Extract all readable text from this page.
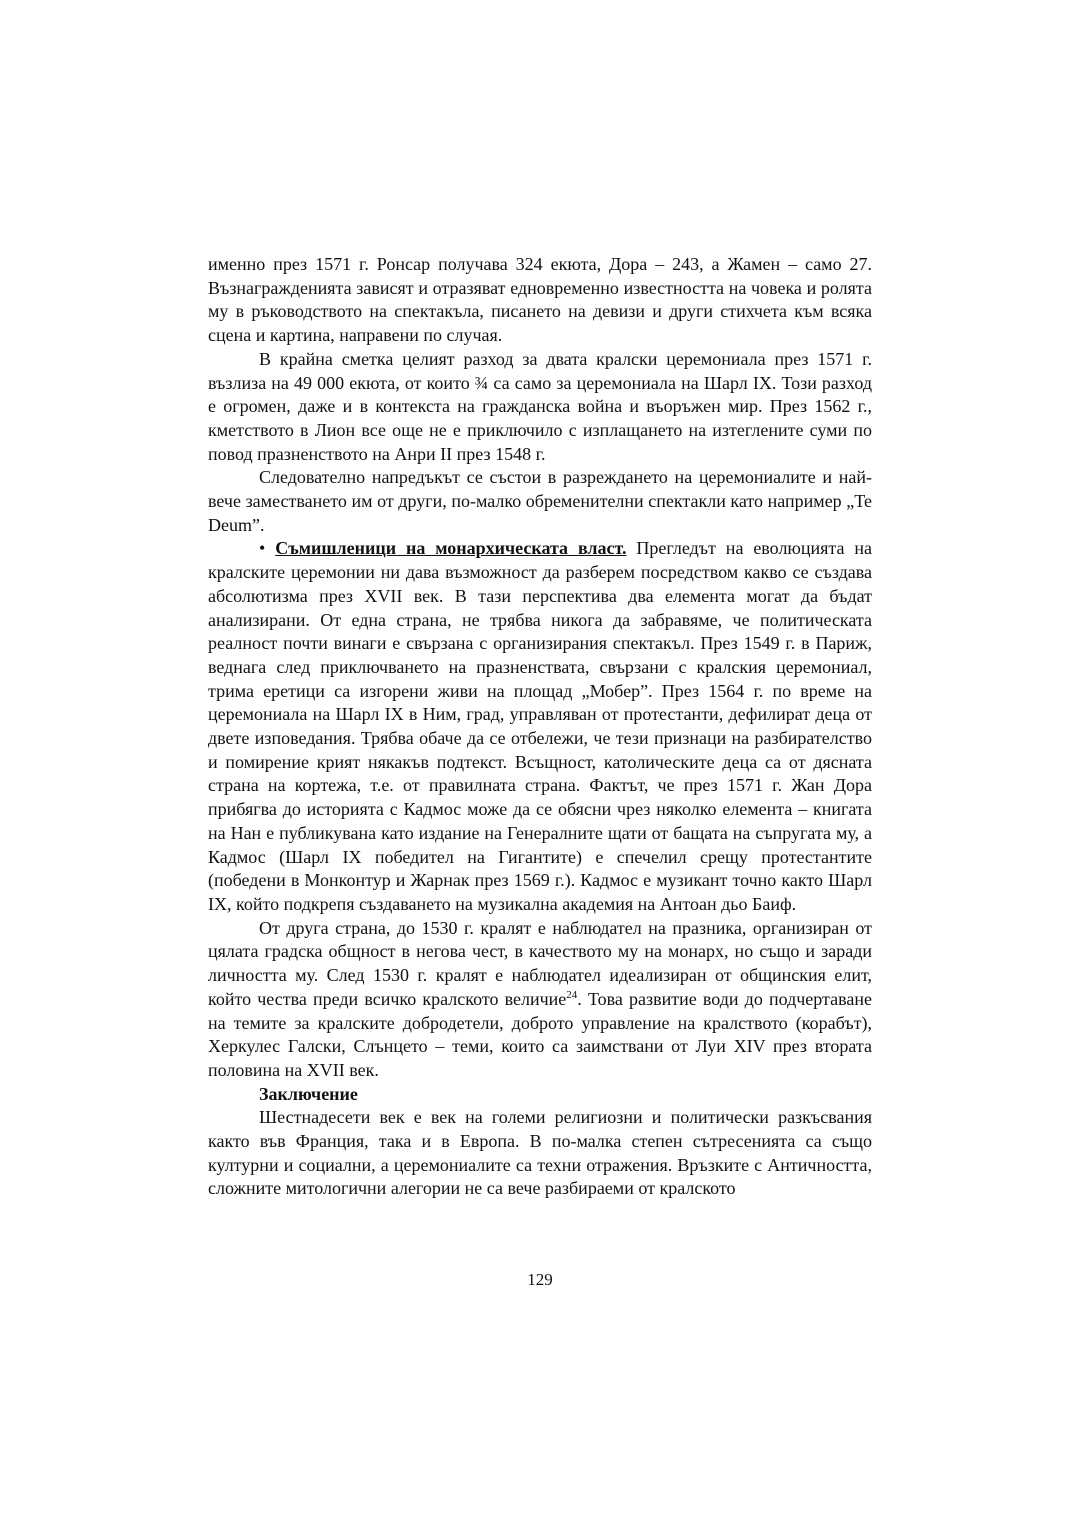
именно през 1571 г. Ронсар получава 324 екюта, Дора – 243, а Жамен – само 27. Възнагражденията зависят и отразяват едновременно известността на човека и ролята му в ръководството на спектакъла, писането на девизи и други стихчета към всяка сцена и картина, направени по случая.

В крайна сметка целият разход за двата кралски церемониала през 1571 г. възлиза на 49 000 екюта, от които ¾ са само за церемониала на Шарл IX. Този разход е огромен, даже и в контекста на гражданска война и въоръжен мир. През 1562 г., кметството в Лион все още не е приключило с изплащането на изтеглените суми по повод празненството на Анри II през 1548 г.

Следователно напредъкът се състои в разреждането на церемониалите и най-вече заместването им от други, по-малко обременителни спектакли като например „Te Deum”.

• Съмишленици на монархическата власт. Прегледът на еволюцията на кралските церемонии ни дава възможност да разберем посредством какво се създава абсолютизма през XVII век. В тази перспектива два елемента могат да бъдат анализирани. От една страна, не трябва никога да забравяме, че политическата реалност почти винаги е свързана с организирания спектакъл. През 1549 г. в Париж, веднага след приключването на празненствата, свързани с кралския церемониал, трима еретици са изгорени живи на площад „Мобер”. През 1564 г. по време на церемониала на Шарл IX в Ним, град, управляван от протестанти, дефилират деца от двете изповедания. Трябва обаче да се отбележи, че тези признаци на разбирателство и помирение крият някакъв подтекст. Всъщност, католическите деца са от дясната страна на кортежа, т.е. от правилната страна. Фактът, че през 1571 г. Жан Дора прибягва до историята с Кадмос може да се обясни чрез няколко елемента – книгата на Нан е публикувана като издание на Генералните щати от бащата на съпругата му, а Кадмос (Шарл IX победител на Гигантите) е спечелил срещу протестантите (победени в Монконтур и Жарнак през 1569 г.). Кадмос е музикант точно както Шарл IX, който подкрепя създаването на музикална академия на Антоан дьо Баиф.

От друга страна, до 1530 г. кралят е наблюдател на празника, организиран от цялата градска общност в негова чест, в качеството му на монарх, но също и заради личността му. След 1530 г. кралят е наблюдател идеализиран от общинския елит, който чества преди всичко кралското величие$^{24}$. Това развитие води до подчертаване на темите за кралските добродетели, доброто управление на кралството (корабът), Херкулес Галски, Слънцето – теми, които са заимствани от Луи XIV през втората половина на XVII век.

Заключение

Шестнадесети век е век на големи религиозни и политически разкъсвания както във Франция, така и в Европа. В по-малка степен сътресенията са също културни и социални, а церемониалите са техни отражения. Връзките с Античността, сложните митологични алегории не са вече разбираеми от кралското

129
